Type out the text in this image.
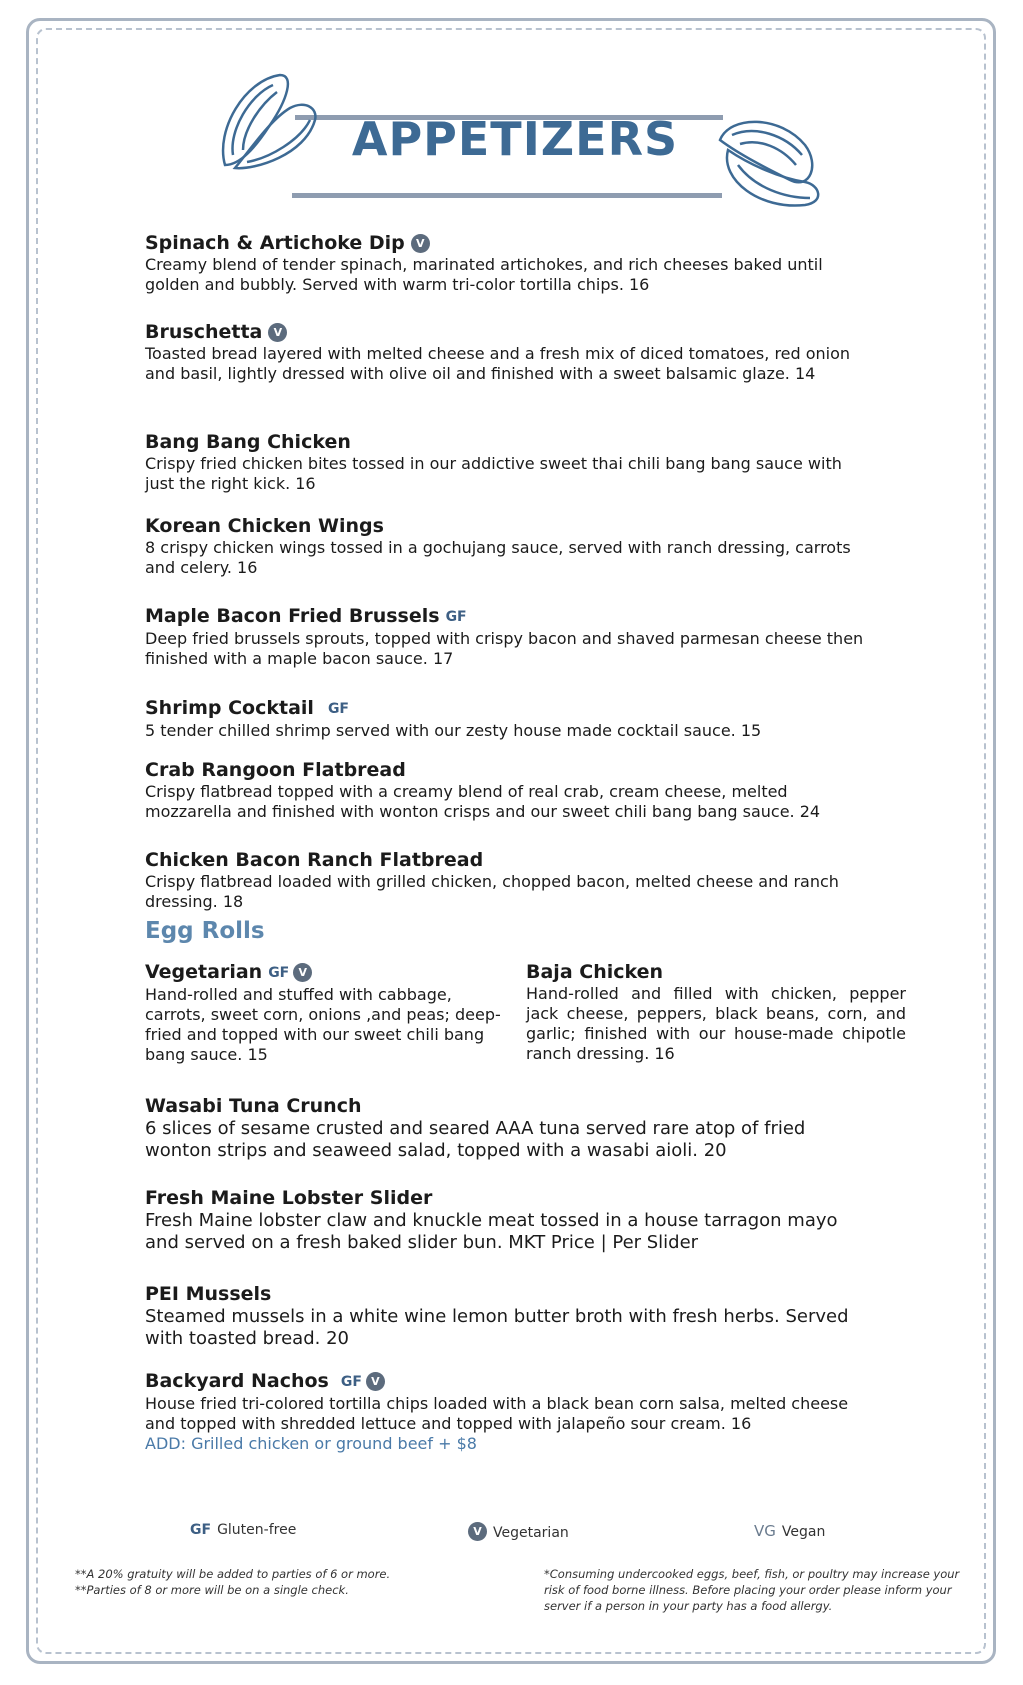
APPETIZERS
Spinach & Artichoke Dip V
Creamy blend of tender spinach, marinated artichokes, and rich cheeses baked until golden and bubbly. Served with warm tri-color tortilla chips. 16
Bruschetta V
Toasted bread layered with melted cheese and a fresh mix of diced tomatoes, red onion and basil, lightly dressed with olive oil and finished with a sweet balsamic glaze. 14
Bang Bang Chicken
Crispy fried chicken bites tossed in our addictive sweet thai chili bang bang sauce with just the right kick. 16
Korean Chicken Wings
8 crispy chicken wings tossed in a gochujang sauce, served with ranch dressing, carrots and celery. 16
Maple Bacon Fried Brussels GF
Deep fried brussels sprouts, topped with crispy bacon and shaved parmesan cheese then finished with a maple bacon sauce. 17
Shrimp Cocktail GF
5 tender chilled shrimp served with our zesty house made cocktail sauce. 15
Crab Rangoon Flatbread
Crispy flatbread topped with a creamy blend of real crab, cream cheese, melted mozzarella and finished with wonton crisps and our sweet chili bang bang sauce. 24
Chicken Bacon Ranch Flatbread
Crispy flatbread loaded with grilled chicken, chopped bacon, melted cheese and ranch dressing. 18
Egg Rolls
Vegetarian GF V
Hand-rolled and stuffed with cabbage, carrots, sweet corn, onions ,and peas; deep-fried and topped with our sweet chili bang bang sauce. 15
Baja Chicken
Hand-rolled and filled with chicken, pepper jack cheese, peppers, black beans, corn, and garlic; finished with our house-made chipotle ranch dressing. 16
Wasabi Tuna Crunch
6 slices of sesame crusted and seared AAA tuna served rare atop of fried wonton strips and seaweed salad, topped with a wasabi aioli. 20
Fresh Maine Lobster Slider
Fresh Maine lobster claw and knuckle meat tossed in a house tarragon mayo and served on a fresh baked slider bun. MKT Price | Per Slider
PEI Mussels
Steamed mussels in a white wine lemon butter broth with fresh herbs. Served with toasted bread. 20
Backyard Nachos GF V
House fried tri-colored tortilla chips loaded with a black bean corn salsa, melted cheese and topped with shredded lettuce and topped with jalapeño sour cream. 16
ADD: Grilled chicken or ground beef + $8
GF Gluten-free	V Vegetarian	VG Vegan
**A 20% gratuity will be added to parties of 6 or more.
**Parties of 8 or more will be on a single check.
*Consuming undercooked eggs, beef, fish, or poultry may increase your risk of food borne illness. Before placing your order please inform your server if a person in your party has a food allergy.
